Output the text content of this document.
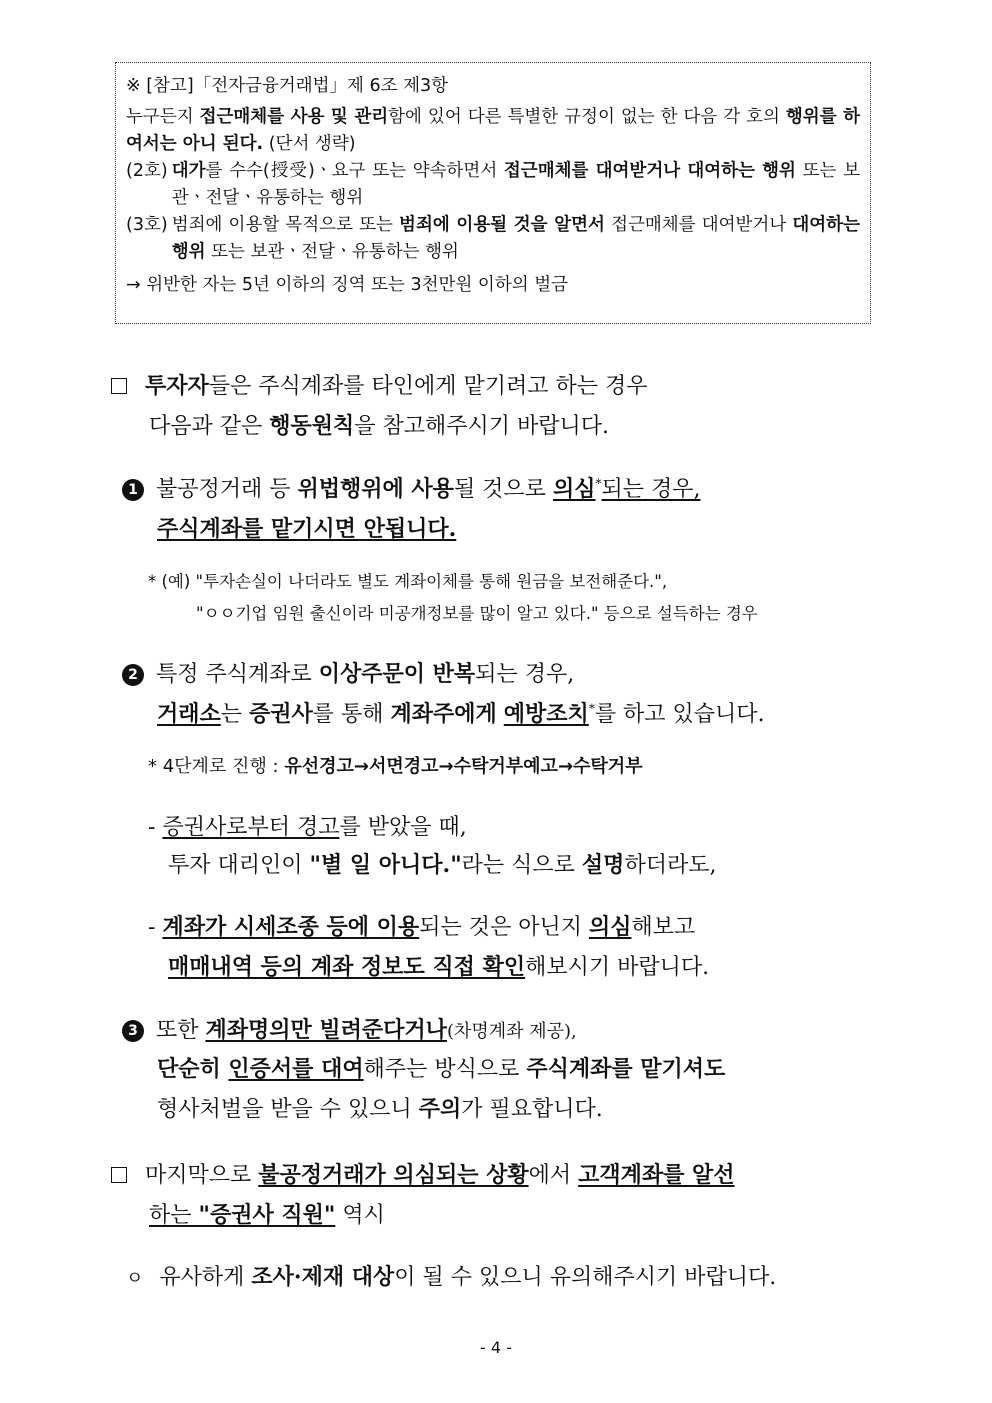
※ [참고]「전자금융거래법」제 6조 제3항
누구든지 접근매체를 사용 및 관리함에 있어 다른 특별한 규정이 없는 한 다음 각 호의 행위를 하여서는 아니 된다. (단서 생략)
(2호) 대가를 수수(授受)ㆍ요구 또는 약속하면서 접근매체를 대여받거나 대여하는 행위 또는 보관ㆍ전달ㆍ유통하는 행위
(3호) 범죄에 이용할 목적으로 또는 범죄에 이용될 것을 알면서 접근매체를 대여받거나 대여하는 행위 또는 보관ㆍ전달ㆍ유통하는 행위
→ 위반한 자는 5년 이하의 징역 또는 3천만원 이하의 벌금
투자자들은 주식계좌를 타인에게 맡기려고 하는 경우
다음과 같은 행동원칙을 참고해주시기 바랍니다.
1 불공정거래 등 위법행위에 사용될 것으로 의심*되는 경우,
주식계좌를 맡기시면 안됩니다.
* (예) "투자손실이 나더라도 별도 계좌이체를 통해 원금을 보전해준다.",
"ㅇㅇ기업 임원 출신이라 미공개정보를 많이 알고 있다." 등으로 설득하는 경우
2 특정 주식계좌로 이상주문이 반복되는 경우,
거래소는 증권사를 통해 계좌주에게 예방조치*를 하고 있습니다.
* 4단계로 진행 : 유선경고→서면경고→수탁거부예고→수탁거부
- 증권사로부터 경고를 받았을 때,
투자 대리인이 "별 일 아니다."라는 식으로 설명하더라도,
- 계좌가 시세조종 등에 이용되는 것은 아닌지 의심해보고
매매내역 등의 계좌 정보도 직접 확인해보시기 바랍니다.
3 또한 계좌명의만 빌려준다거나(차명계좌 제공),
단순히 인증서를 대여해주는 방식으로 주식계좌를 맡기셔도
형사처벌을 받을 수 있으니 주의가 필요합니다.
마지막으로 불공정거래가 의심되는 상황에서 고객계좌를 알선
하는 "증권사 직원" 역시
ㅇ 유사하게 조사·제재 대상이 될 수 있으니 유의해주시기 바랍니다.
- 4 -
